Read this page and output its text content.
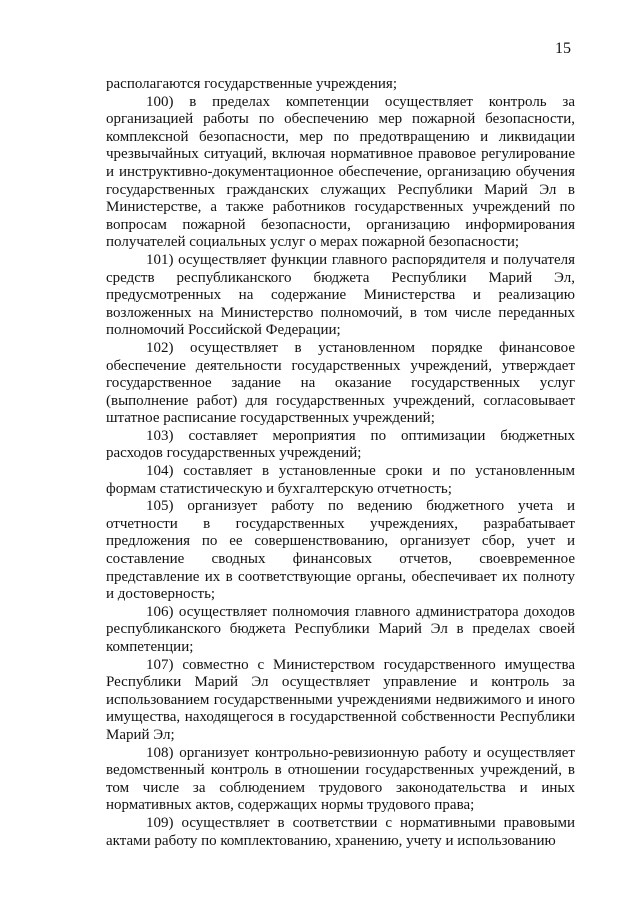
15

располагаются государственные учреждения;

100) в пределах компетенции осуществляет контроль за организацией работы по обеспечению мер пожарной безопасности, комплексной безопасности, мер по предотвращению и ликвидации чрезвычайных ситуаций, включая нормативное правовое регулирование и инструктивно-документационное обеспечение, организацию обучения государственных гражданских служащих Республики Марий Эл в Министерстве, а также работников государственных учреждений по вопросам пожарной безопасности, организацию информирования получателей социальных услуг о мерах пожарной безопасности;

101) осуществляет функции главного распорядителя и получателя средств республиканского бюджета Республики Марий Эл, предусмотренных на содержание Министерства и реализацию возложенных на Министерство полномочий, в том числе переданных полномочий Российской Федерации;

102) осуществляет в установленном порядке финансовое обеспечение деятельности государственных учреждений, утверждает государственное задание на оказание государственных услуг (выполнение работ) для государственных учреждений, согласовывает штатное расписание государственных учреждений;

103) составляет мероприятия по оптимизации бюджетных расходов государственных учреждений;

104) составляет в установленные сроки и по установленным формам статистическую и бухгалтерскую отчетность;

105) организует работу по ведению бюджетного учета и отчетности в государственных учреждениях, разрабатывает предложения по ее совершенствованию, организует сбор, учет и составление сводных финансовых отчетов, своевременное представление их в соответствующие органы, обеспечивает их полноту и достоверность;

106) осуществляет полномочия главного администратора доходов республиканского бюджета Республики Марий Эл в пределах своей компетенции;

107) совместно с Министерством государственного имущества Республики Марий Эл осуществляет управление и контроль за использованием государственными учреждениями недвижимого и иного имущества, находящегося в государственной собственности Республики Марий Эл;

108) организует контрольно-ревизионную работу и осуществляет ведомственный контроль в отношении государственных учреждений, в том числе за соблюдением трудового законодательства и иных нормативных актов, содержащих нормы трудового права;

109) осуществляет в соответствии с нормативными правовыми актами работу по комплектованию, хранению, учету и использованию
